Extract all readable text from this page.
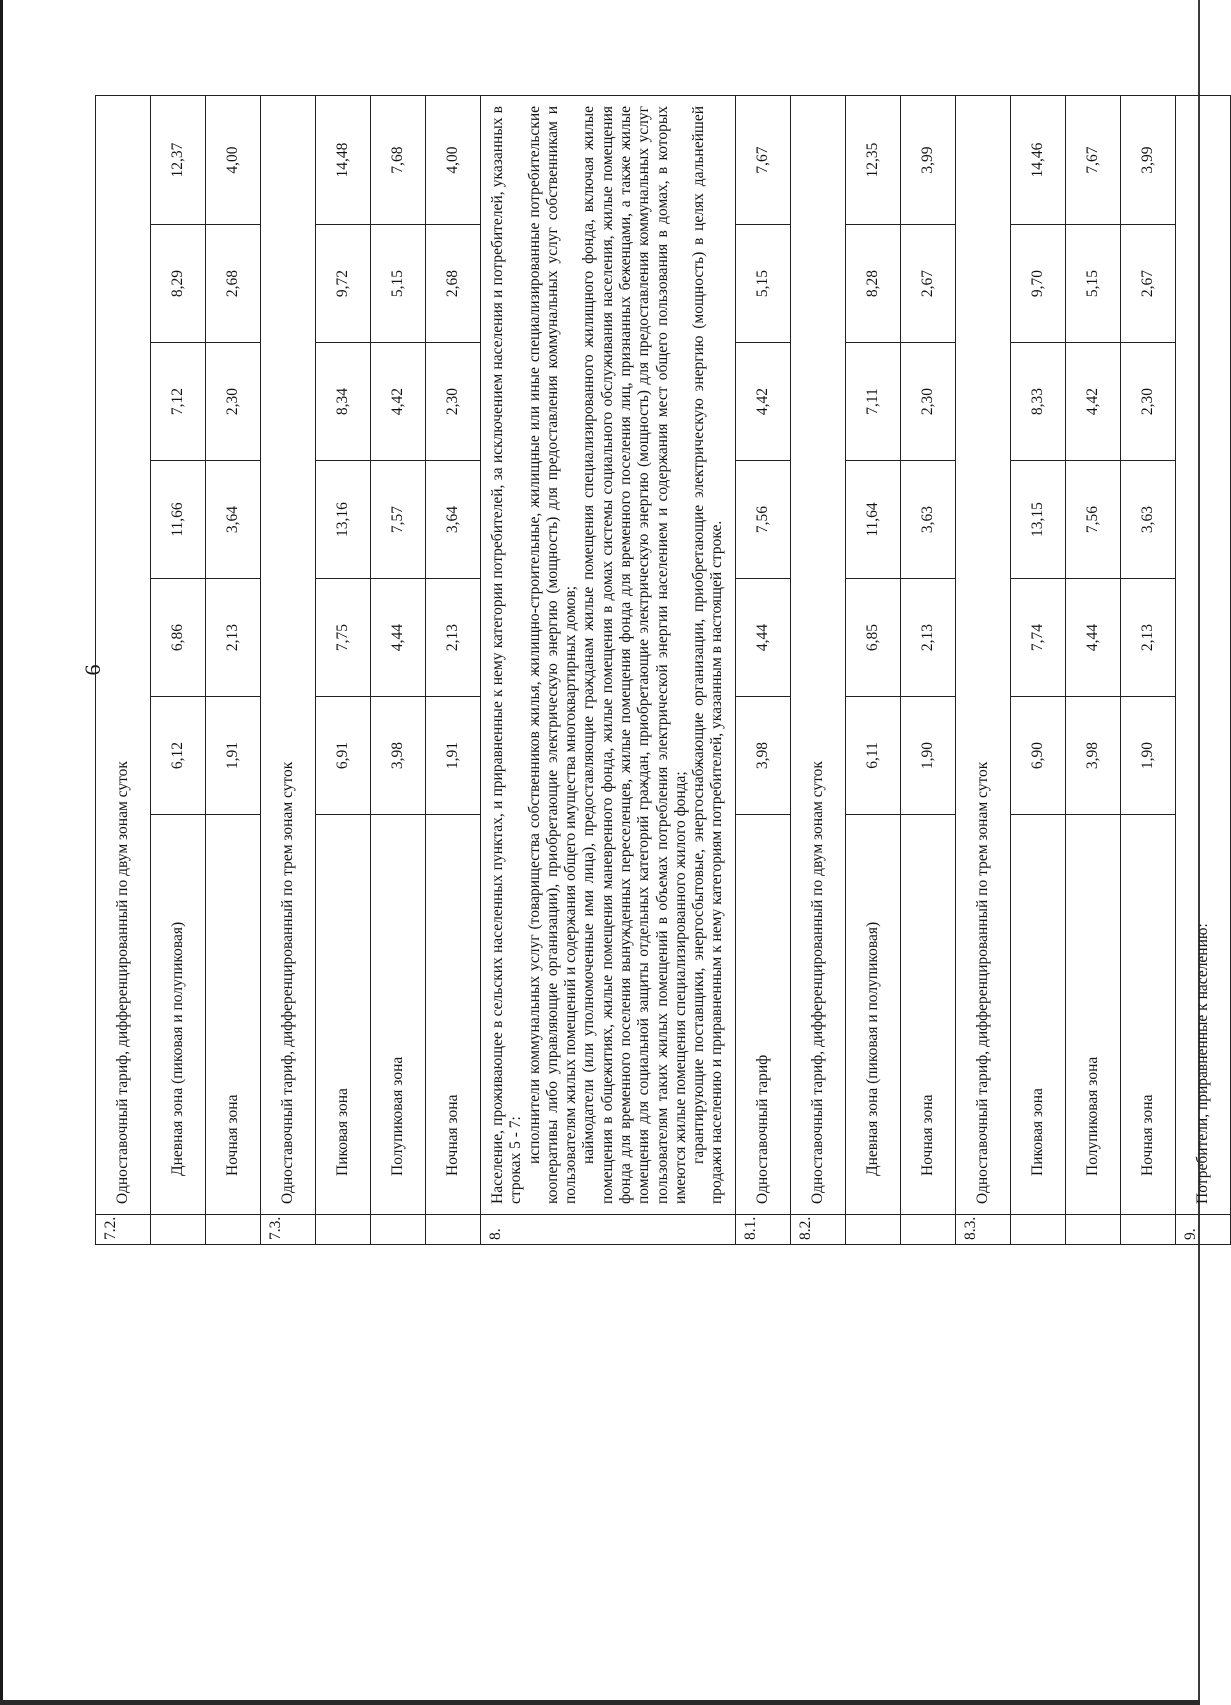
6
7.2.	Одноставочный тариф, дифференцированный по двум зонам суток						
	Дневная зона (пиковая и полупиковая)	6,12	6,86	11,66	7,12	8,29	12,37
	Ночная зона	1,91	2,13	3,64	2,30	2,68	4,00
7.3.	Одноставочный тариф, дифференцированный по трем зонам суток						
	Пиковая зона	6,91	7,75	13,16	8,34	9,72	14,48
	Полупиковая зона	3,98	4,44	7,57	4,42	5,15	7,68
	Ночная зона	1,91	2,13	3,64	2,30	2,68	4,00
8.	Население, проживающее в сельских населенных пунктах, и приравненные к нему категории потребителей, за исключением населения и потребителей, указанных в строках 5 - 7: исполнители коммунальных услуг (товарищества собственников жилья, жилищно-строительные, жилищные или иные специализированные потребительские кооперативы либо управляющие организации), приобретающие электрическую энергию (мощность) для предоставления коммунальных услуг собственникам и пользователям жилых помещений и содержания общего имущества многоквартирных домов; наймодатели (или уполномоченные ими лица), предоставляющие гражданам жилые помещения специализированного жилищного фонда, включая жилые помещения в общежитиях, жилые помещения маневренного фонда, жилые помещения в домах системы социального обслуживания населения, жилые помещения фонда для временного поселения вынужденных переселенцев, жилые помещения фонда для временного поселения лиц, признанных беженцами, а также жилые помещения для социальной защиты отдельных категорий граждан, приобретающие электрическую энергию (мощность) для предоставления коммунальных услуг пользователям таких жилых помещений в объемах потребления электрической энергии населением и содержания мест общего пользования в домах, в которых имеются жилые помещения специализированного жилого фонда; гарантирующие поставщики, энергосбытовые, энергоснабжающие организации, приобретающие электрическую энергию (мощность) в целях дальнейшей продажи населению и приравненным к нему категориям потребителей, указанным в настоящей строке.						

8.1.	Одноставочный тариф	3,98	4,44	7,56	4,42	5,15	7,67
8.2.	Одноставочный тариф, дифференцированный по двум зонам суток						
	Дневная зона (пиковая и полупиковая)	6,11	6,85	11,64	7,11	8,28	12,35
	Ночная зона	1,90	2,13	3,63	2,30	2,67	3,99
8.3.	Одноставочный тариф, дифференцированный по трем зонам суток						
	Пиковая зона	6,90	7,74	13,15	8,33	9,70	14,46
	Полупиковая зона	3,98	4,44	7,56	4,42	5,15	7,67
	Ночная зона	1,90	2,13	3,63	2,30	2,67	3,99
9.	Потребители, приравненные к населению:						
